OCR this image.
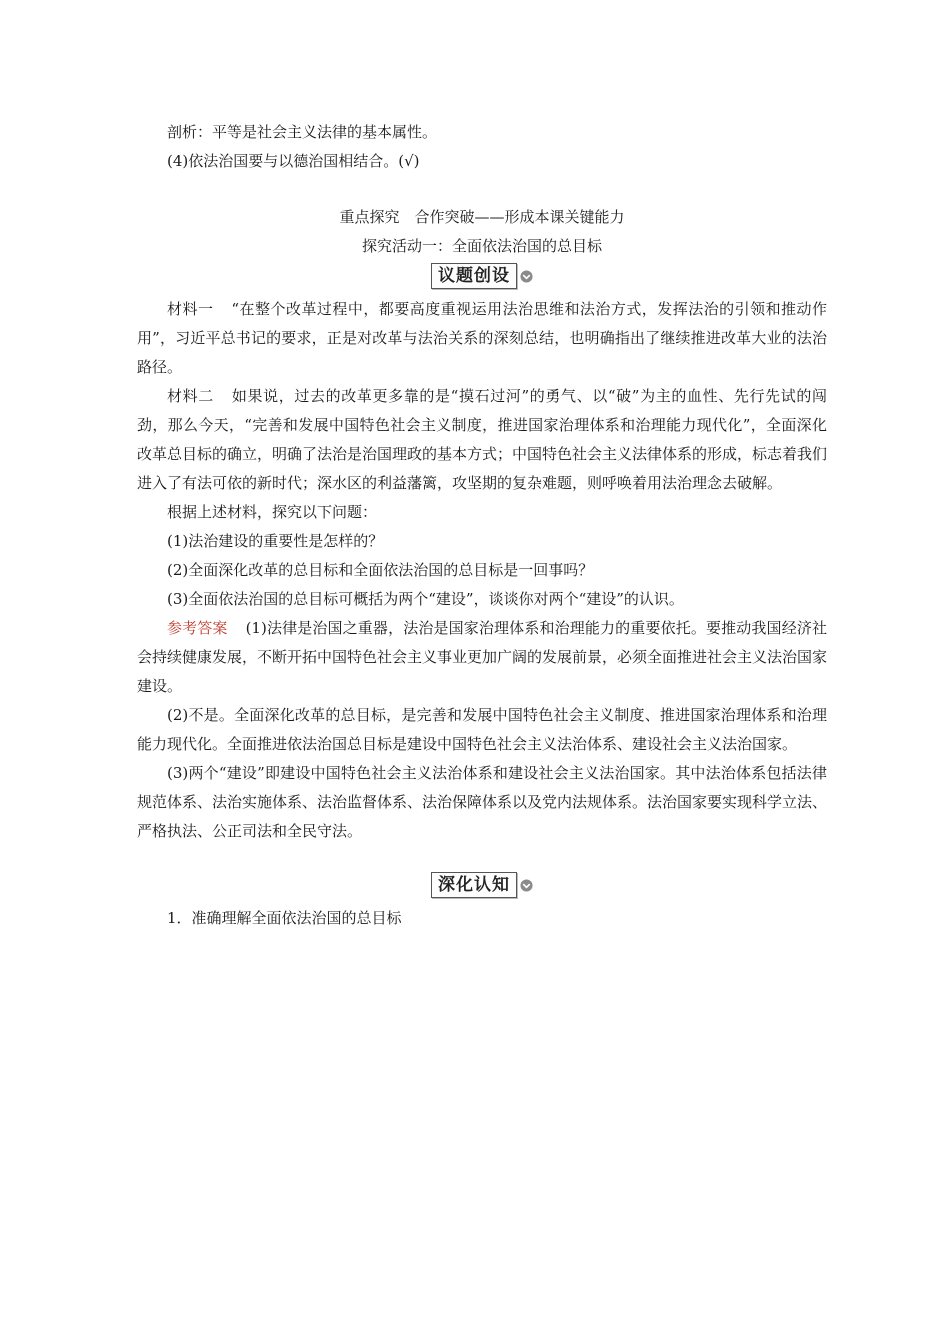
剖析：平等是社会主义法律的基本属性。

(4)依法治国要与以德治国相结合。(√)

重点探究　合作突破——形成本课关键能力

探究活动一：全面依法治国的总目标

议题创设

材料一 “在整个改革过程中，都要高度重视运用法治思维和法治方式，发挥法治的引领和推动作用”，习近平总书记的要求，正是对改革与法治关系的深刻总结，也明确指出了继续推进改革大业的法治路径。

材料二 如果说，过去的改革更多靠的是“摸石过河”的勇气、以“破”为主的血性、先行先试的闯劲，那么今天，“完善和发展中国特色社会主义制度，推进国家治理体系和治理能力现代化”，全面深化改革总目标的确立，明确了法治是治国理政的基本方式；中国特色社会主义法律体系的形成，标志着我们进入了有法可依的新时代；深水区的利益藩篱，攻坚期的复杂难题，则呼唤着用法治理念去破解。

根据上述材料，探究以下问题：

(1)法治建设的重要性是怎样的？

(2)全面深化改革的总目标和全面依法治国的总目标是一回事吗？

(3)全面依法治国的总目标可概括为两个“建设”，谈谈你对两个“建设”的认识。

参考答案 (1)法律是治国之重器，法治是国家治理体系和治理能力的重要依托。要推动我国经济社会持续健康发展，不断开拓中国特色社会主义事业更加广阔的发展前景，必须全面推进社会主义法治国家建设。

(2)不是。全面深化改革的总目标，是完善和发展中国特色社会主义制度、推进国家治理体系和治理能力现代化。全面推进依法治国总目标是建设中国特色社会主义法治体系、建设社会主义法治国家。

(3)两个“建设”即建设中国特色社会主义法治体系和建设社会主义法治国家。其中法治体系包括法律规范体系、法治实施体系、法治监督体系、法治保障体系以及党内法规体系。法治国家要实现科学立法、严格执法、公正司法和全民守法。

深化认知

1．准确理解全面依法治国的总目标
